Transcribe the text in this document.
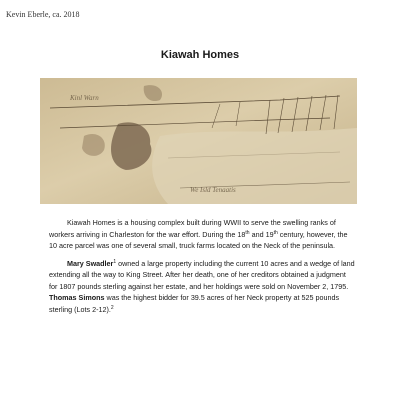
Kevin Eberle, ca. 2018
Kiawah Homes
Kinl Warn
We Isld Tenaatis

Kiawah Homes is a housing complex built during WWII to serve the swelling ranks of workers arriving in Charleston for the war effort. During the 18th and 19th century, however, the 10 acre parcel was one of several small, truck farms located on the Neck of the peninsula.

Mary Swadler$^1$ owned a large property including the current 10 acres and a wedge of land extending all the way to King Street. After her death, one of her creditors obtained a judgment for 1807 pounds sterling against her estate, and her holdings were sold on November 2, 1795. Thomas Simons was the highest bidder for 39.5 acres of her Neck property at 525 pounds sterling (Lots 2-12).$^2$
